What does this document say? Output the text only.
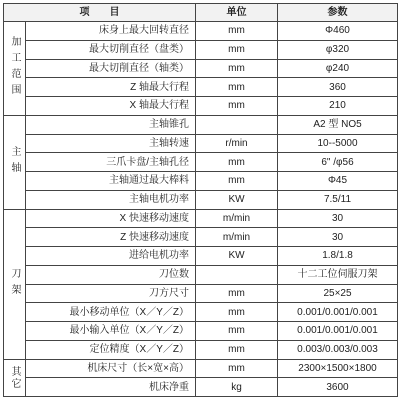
项　　目		单位	参数
加工范围	床身上最大回转直径	mm	Φ460
	最大切削直径（盘类）	mm	φ320
	最大切削直径（轴类）	mm	φ240
	Z 轴最大行程	mm	360
	X 轴最大行程	mm	210
主轴	主轴锥孔		A2 型 NO5
	主轴转速	r/min	10--5000
	三爪卡盘/主轴孔径	mm	6" /φ56
	主轴通过最大棒料	mm	Φ45
	主轴电机功率	KW	7.5/11
刀架	X 快速移动速度	m/min	30
	Z 快速移动速度	m/min	30
	进给电机功率	KW	1.8/1.8
	刀位数		十二工位伺服刀架
	刀方尺寸	mm	25×25
	最小移动单位（X／Y／Z）	mm	0.001/0.001/0.001
	最小输入单位（X／Y／Z）	mm	0.001/0.001/0.001
	定位精度（X／Y／Z）	mm	0.003/0.003/0.003
其它	机床尺寸（长×宽×高）	mm	2300×1500×1800
	机床净重	kg	3600
